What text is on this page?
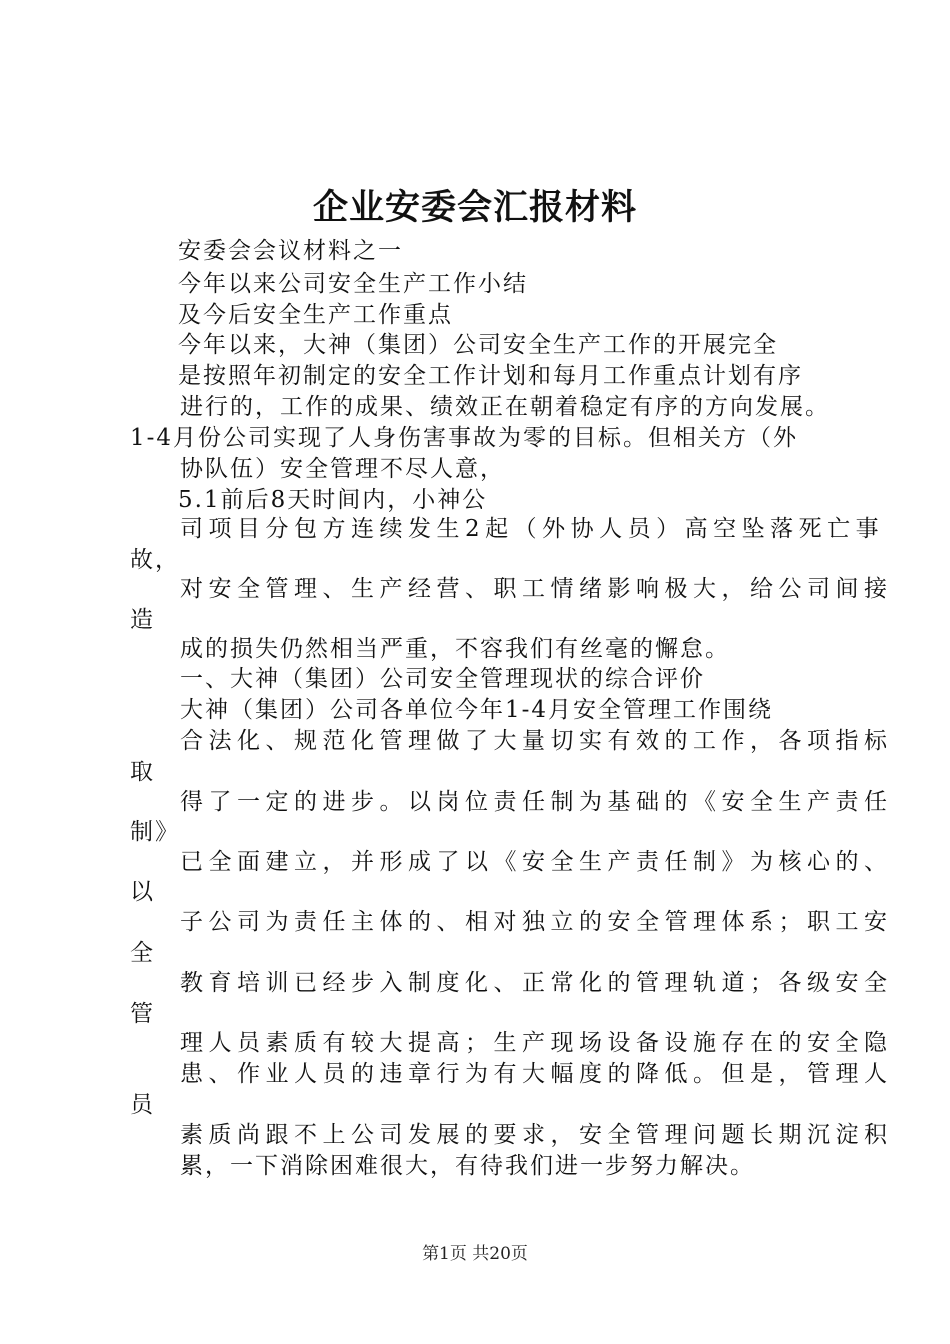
企业安委会汇报材料
安委会会议材料之一
今年以来公司安全生产工作小结
及今后安全生产工作重点
今年以来，大神（集团）公司安全生产工作的开展完全
是按照年初制定的安全工作计划和每月工作重点计划有序
进行的，工作的成果、绩效正在朝着稳定有序的方向发展。
1-4月份公司实现了人身伤害事故为零的目标。但相关方（外
协队伍）安全管理不尽人意，
5.1前后8天时间内，小神公
司项目分包方连续发生2起（外协人员）高空坠落死亡事
故，
对安全管理、生产经营、职工情绪影响极大，给公司间接
造
成的损失仍然相当严重，不容我们有丝毫的懈怠。
一、大神（集团）公司安全管理现状的综合评价
大神（集团）公司各单位今年1-4月安全管理工作围绕
合法化、规范化管理做了大量切实有效的工作，各项指标
取
得了一定的进步。以岗位责任制为基础的《安全生产责任
制》
已全面建立，并形成了以《安全生产责任制》为核心的、
以
子公司为责任主体的、相对独立的安全管理体系；职工安
全
教育培训已经步入制度化、正常化的管理轨道；各级安全
管
理人员素质有较大提高；生产现场设备设施存在的安全隐
患、作业人员的违章行为有大幅度的降低。但是，管理人
员
素质尚跟不上公司发展的要求，安全管理问题长期沉淀积
累，一下消除困难很大，有待我们进一步努力解决。
第1页 共20页
